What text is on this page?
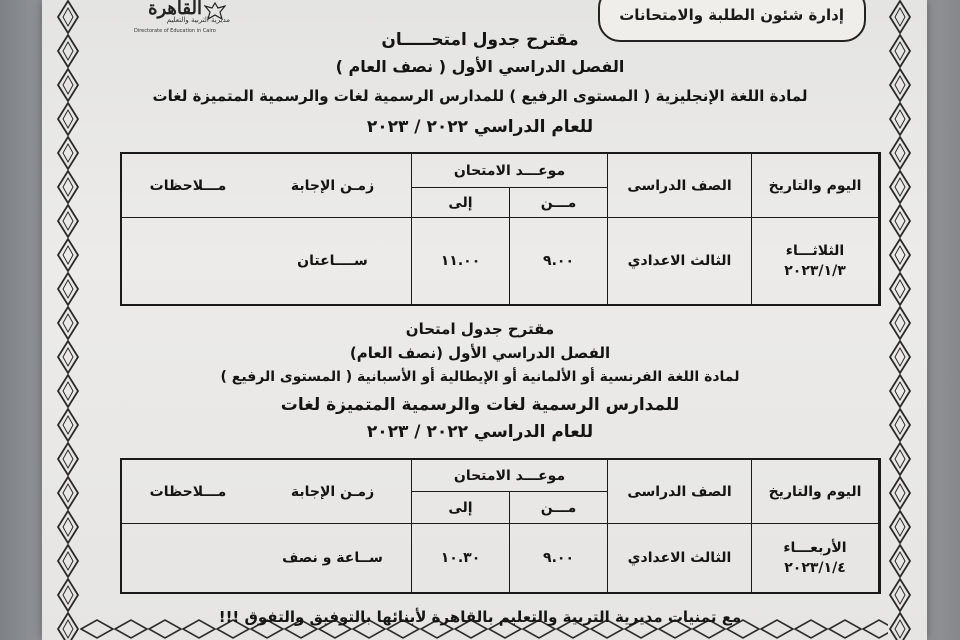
القاهرة
مديرية التربية والتعليم
Directorate of Education in Cairo
إدارة شئون الطلبة والامتحانات
مقترح جدول امتحـــــان
الفصل الدراسي الأول ( نصف العام )
لمادة اللغة الإنجليزية ( المستوى الرفيع ) للمدارس الرسمية لغات والرسمية المتميزة لغات
للعام الدراسي ٢٠٢٢ / ٢٠٢٣
اليوم والتاريخ
الصف الدراسى
موعـــد الامتحان
مـــن
إلى
زمـن الإجابة
مـــلاحظات
الثلاثـــاء
٢٠٢٣/١/٣
الثالث الاعدادي
٩.٠٠
١١.٠٠
ســــاعتان
مقترح جدول امتحان
الفصل الدراسي الأول (نصف العام)
لمادة اللغة الفرنسية أو الألمانية أو الإيطالية أو الأسبانية ( المستوى الرفيع )
للمدارس الرسمية لغات والرسمية المتميزة لغات
للعام الدراسي ٢٠٢٢ / ٢٠٢٣
اليوم والتاريخ
الصف الدراسى
موعـــد الامتحان
مـــن
إلى
زمـن الإجابة
مـــلاحظات
الأربعـــاء
٢٠٢٣/١/٤
الثالث الاعدادي
٩.٠٠
١٠.٣٠
ســاعة و نصف
مع تمنيات مديرية التربية والتعليم بالقاهرة لأبنائها بالتوفيق والتفوق !!!
